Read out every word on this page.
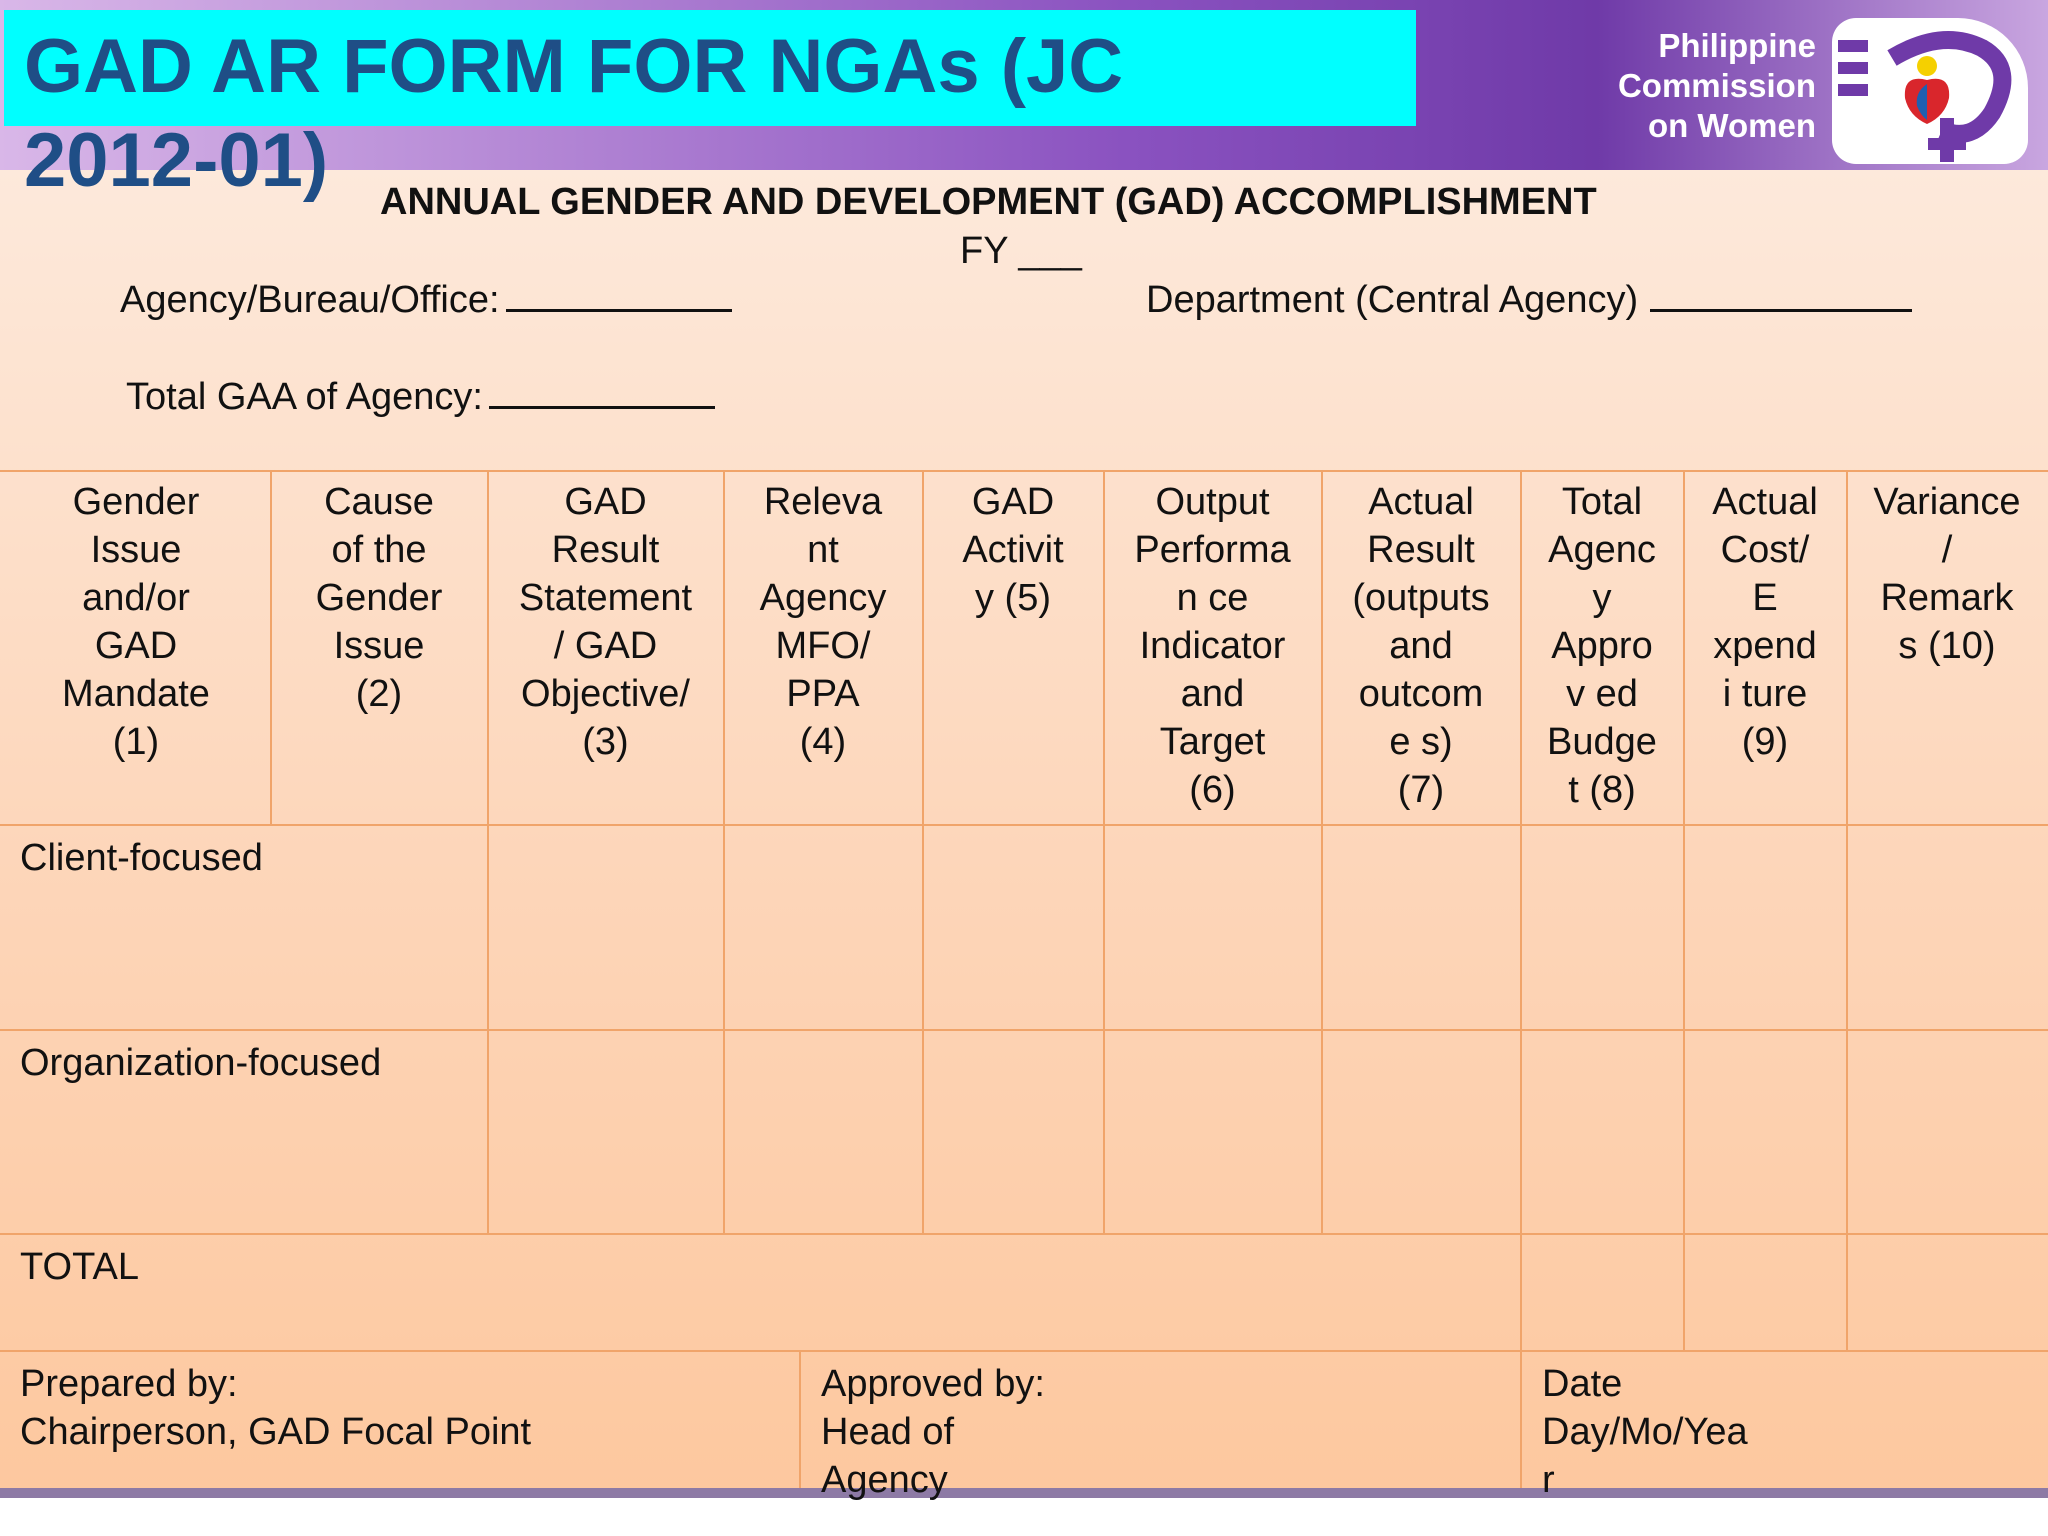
GAD AR FORM FOR NGAs (JC 2012-01)
Philippine
Commission
on Women
ANNUAL GENDER AND DEVELOPMENT (GAD) ACCOMPLISHMENT
FY ___
Agency/Bureau/Office:	Department (Central Agency)
Total GAA of Agency:
Gender
Issue
and/or
GAD
Mandate
(1)
Cause
of the
Gender
Issue
(2)
GAD
Result
Statement
/ GAD
Objective/
(3)
Releva
nt
Agency
MFO/
PPA
(4)
GAD
Activit
y (5)
Output
Performa
n ce
Indicator
and
Target
(6)
Actual
Result
(outputs
and
outcom
e s)
(7)
Total
Agenc
y
Appro
v ed
Budge
t (8)
Actual
Cost/
E
xpend
i ture
(9)
Variance
/
Remark
s (10)
Client-focused
Organization-focused
TOTAL
Prepared by:
Chairperson, GAD Focal Point
Approved by:
Head of
Agency
Date
Day/Mo/Yea
r
